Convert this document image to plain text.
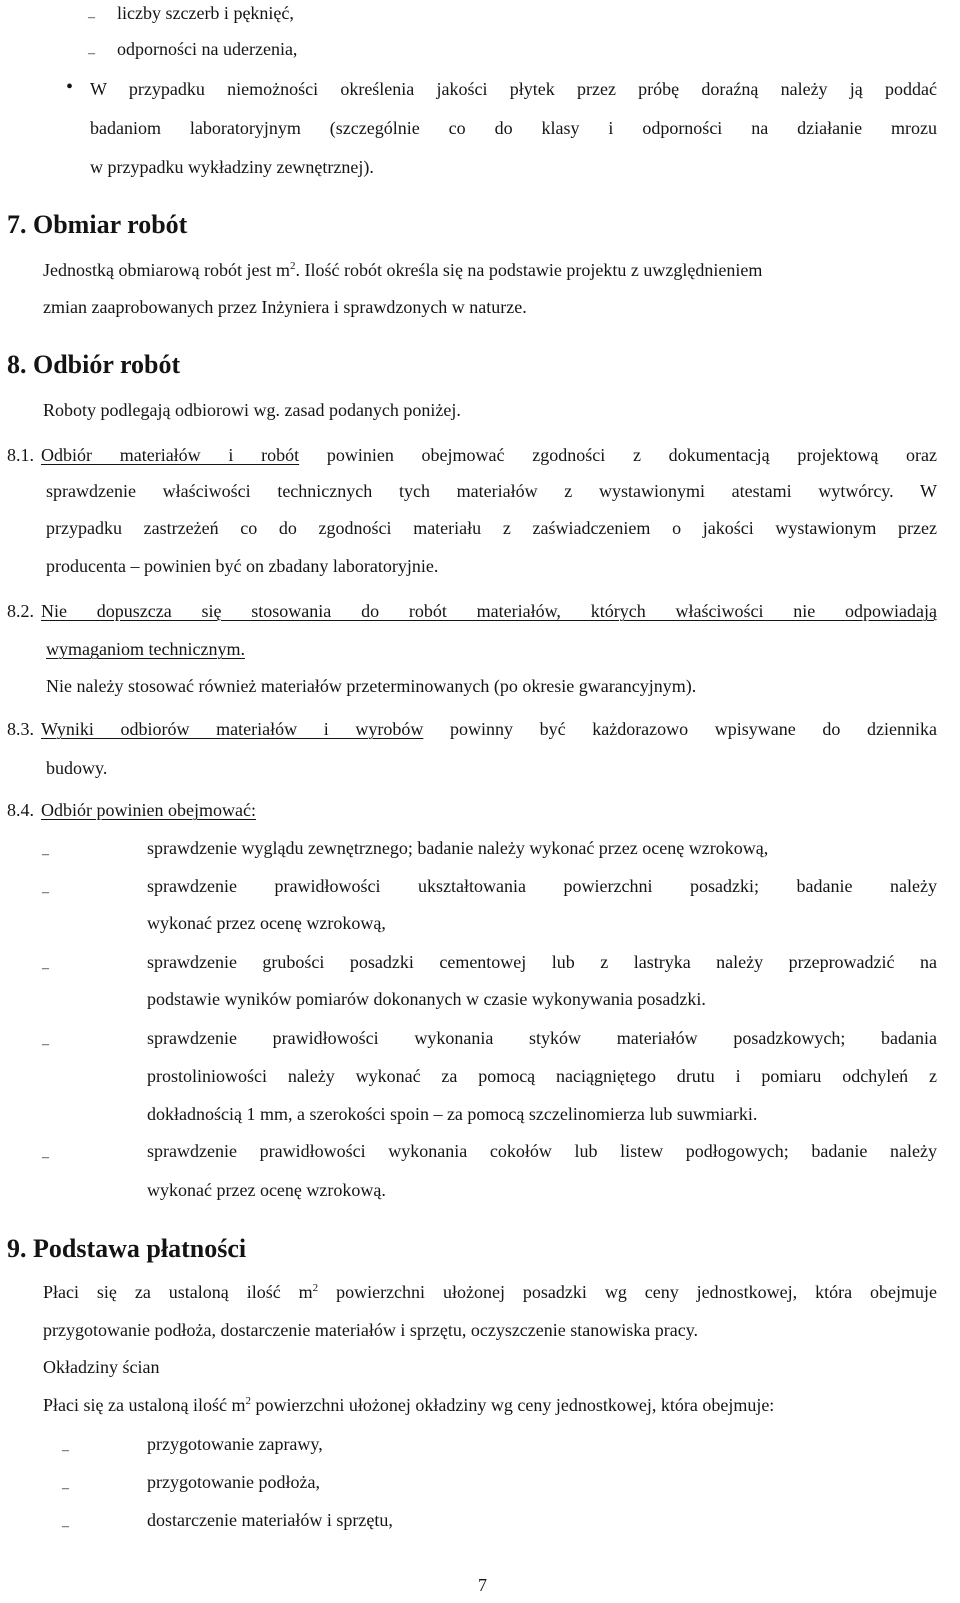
– liczby szczerb i pęknięć,
– odporności na uderzenia,
• W przypadku niemożności określenia jakości płytek przez próbę doraźną należy ją poddać
badaniom laboratoryjnym (szczególnie co do klasy i odporności na działanie mrozu
w przypadku wykładziny zewnętrznej).
7. Obmiar robót
Jednostką obmiarową robót jest $m^2$. Ilość robót określa się na podstawie projektu z uwzględnieniem
zmian zaaprobowanych przez Inżyniera i sprawdzonych w naturze.
8. Odbiór robót
Roboty podlegają odbiorowi wg. zasad podanych poniżej.
8.1. Odbiór materiałów i robót powinien obejmować zgodności z dokumentacją projektową oraz
sprawdzenie właściwości technicznych tych materiałów z wystawionymi atestami wytwórcy. W
przypadku zastrzeżeń co do zgodności materiału z zaświadczeniem o jakości wystawionym przez
producenta – powinien być on zbadany laboratoryjnie.
8.2. Nie dopuszcza się stosowania do robót materiałów, których właściwości nie odpowiadają
wymaganiom technicznym.
Nie należy stosować również materiałów przeterminowanych (po okresie gwarancyjnym).
8.3. Wyniki odbiorów materiałów i wyrobów powinny być każdorazowo wpisywane do dziennika
budowy.
8.4. Odbiór powinien obejmować:
–	sprawdzenie wyglądu zewnętrznego; badanie należy wykonać przez ocenę wzrokową,
–	sprawdzenie prawidłowości ukształtowania powierzchni posadzki; badanie należy
wykonać przez ocenę wzrokową,
–	sprawdzenie grubości posadzki cementowej lub z lastryka należy przeprowadzić na
podstawie wyników pomiarów dokonanych w czasie wykonywania posadzki.
–	sprawdzenie prawidłowości wykonania styków materiałów posadzkowych; badania
prostoliniowości należy wykonać za pomocą naciągniętego drutu i pomiaru odchyleń z
dokładnością 1 mm, a szerokości spoin – za pomocą szczelinomierza lub suwmiarki.
–	sprawdzenie prawidłowości wykonania cokołów lub listew podłogowych; badanie należy
wykonać przez ocenę wzrokową.
9. Podstawa płatności
Płaci się za ustaloną ilość $m^2$ powierzchni ułożonej posadzki wg ceny jednostkowej, która obejmuje
przygotowanie podłoża, dostarczenie materiałów i sprzętu, oczyszczenie stanowiska pracy.
Okładziny ścian
Płaci się za ustaloną ilość $m^2$ powierzchni ułożonej okładziny wg ceny jednostkowej, która obejmuje:
–	przygotowanie zaprawy,
–	przygotowanie podłoża,
–	dostarczenie materiałów i sprzętu,
7
